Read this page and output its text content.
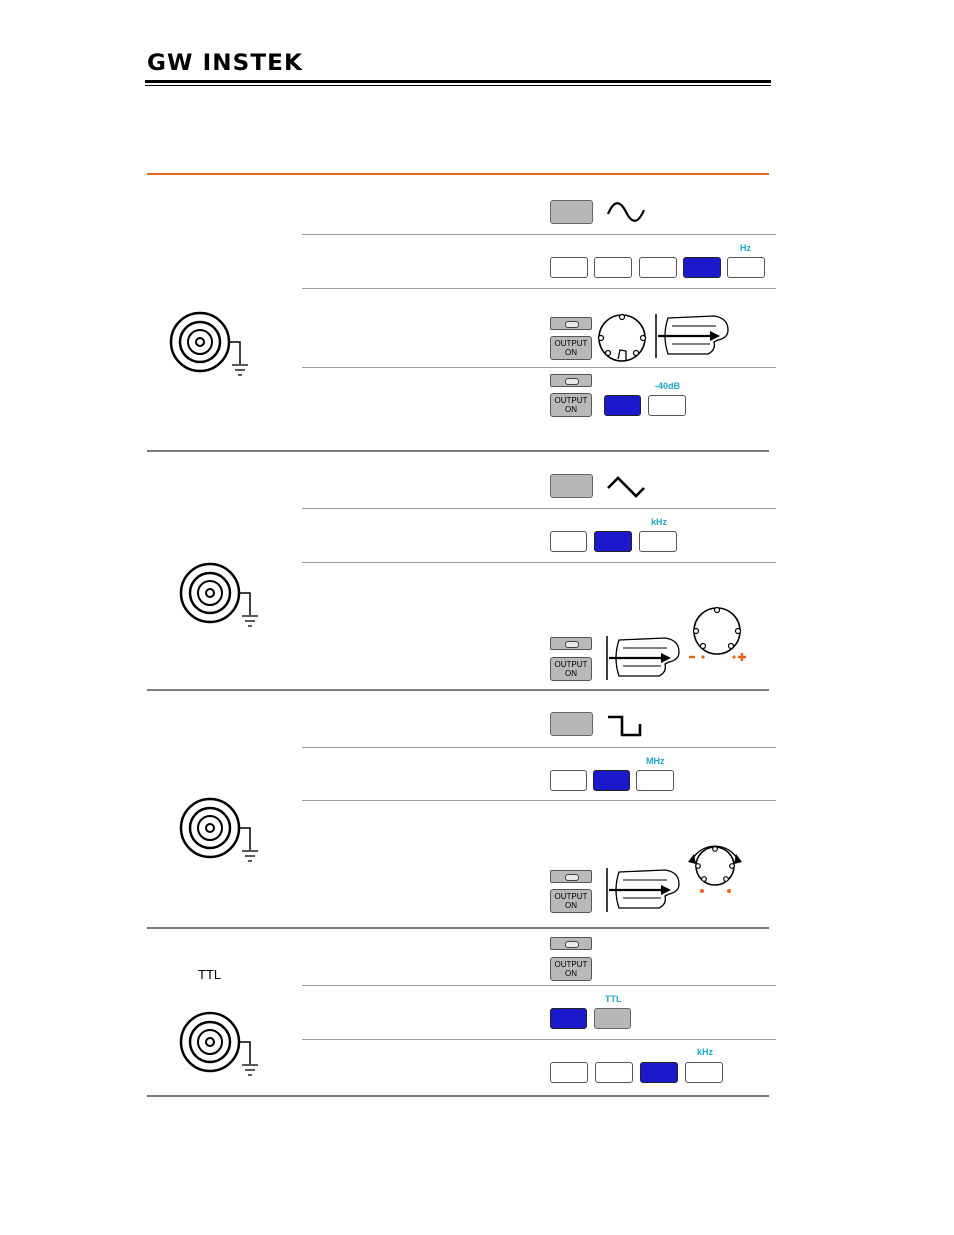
GW INSTEK
TTL
Hz
OUTPUT
ON
OUTPUT
ON
-40dB
kHz
OUTPUT
ON
MHz
OUTPUT
ON
OUTPUT
ON
TTL
kHz
